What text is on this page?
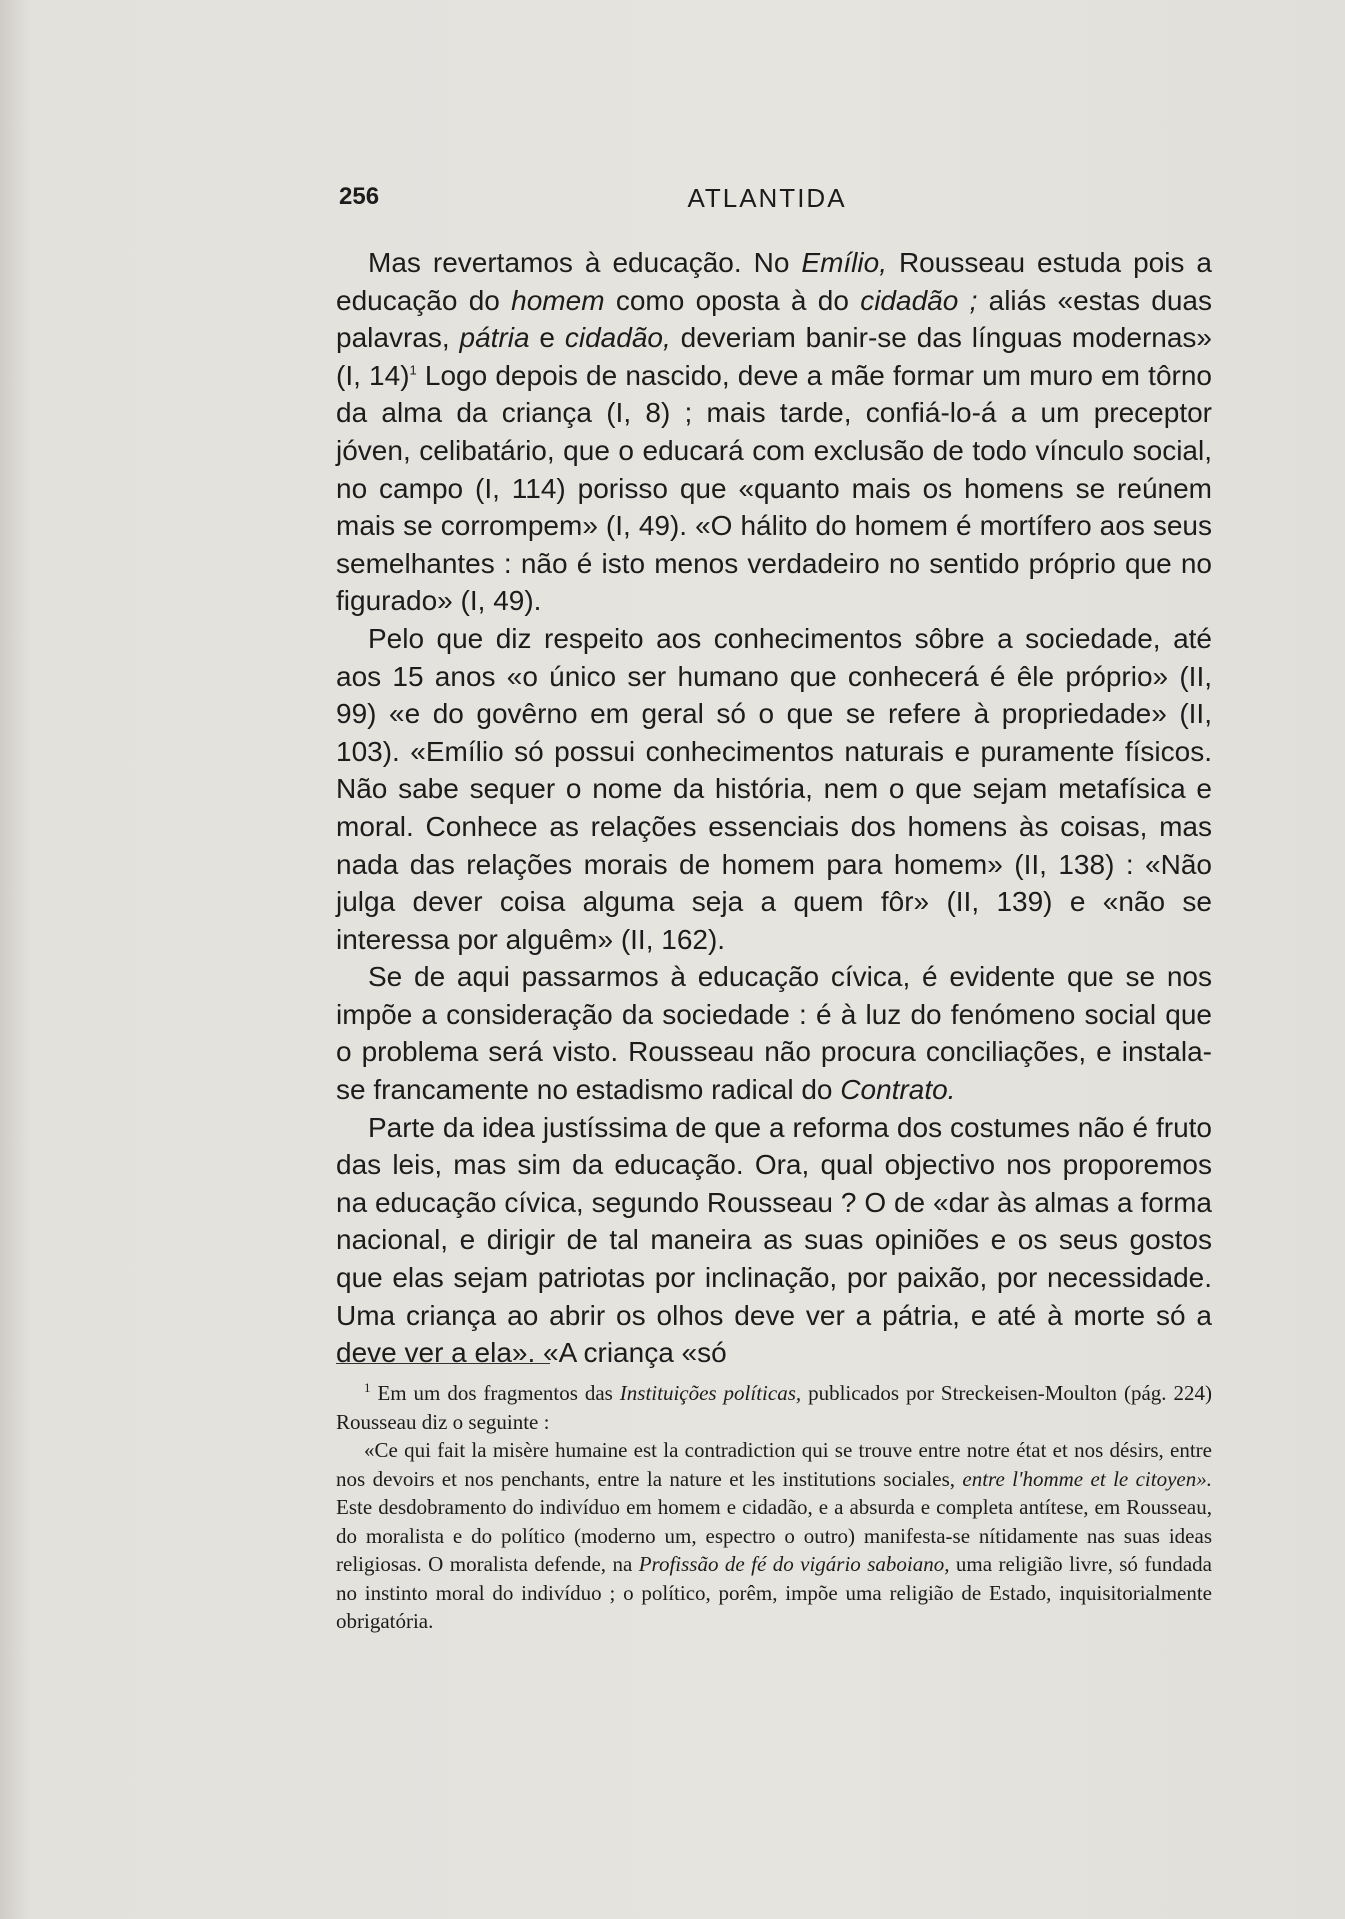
256	ATLANTIDA

Mas revertamos à educação. No Emílio, Rousseau estuda pois a educação do homem como oposta à do cidadão ; aliás «estas duas palavras, pátria e cidadão, deveriam banir-se das línguas modernas» (I, 14)$^1$ Logo depois de nascido, deve a mãe formar um muro em tôrno da alma da criança (I, 8) ; mais tarde, confiá-lo-á a um preceptor jóven, celibatário, que o educará com exclusão de todo vínculo social, no campo (I, 114) porisso que «quanto mais os homens se reúnem mais se corrompem» (I, 49). «O hálito do homem é mortífero aos seus semelhantes : não é isto menos verdadeiro no sentido próprio que no figurado» (I, 49).

Pelo que diz respeito aos conhecimentos sôbre a sociedade, até aos 15 anos «o único ser humano que conhecerá é êle próprio» (II, 99) «e do govêrno em geral só o que se refere à propriedade» (II, 103). «Emílio só possui conhecimentos naturais e puramente físicos. Não sabe sequer o nome da história, nem o que sejam metafísica e moral. Conhece as relações essenciais dos homens às coisas, mas nada das relações morais de homem para homem» (II, 138) : «Não julga dever coisa alguma seja a quem fôr» (II, 139) e «não se interessa por alguêm» (II, 162).

Se de aqui passarmos à educação cívica, é evidente que se nos impõe a consideração da sociedade : é à luz do fenómeno social que o problema será visto. Rousseau não procura conciliações, e instala-se francamente no estadismo radical do Contrato.

Parte da idea justíssima de que a reforma dos costumes não é fruto das leis, mas sim da educação. Ora, qual objectivo nos proporemos na educação cívica, segundo Rousseau ? O de «dar às almas a forma nacional, e dirigir de tal maneira as suas opiniões e os seus gostos que elas sejam patriotas por inclinação, por paixão, por necessidade. Uma criança ao abrir os olhos deve ver a pátria, e até à morte só a deve ver a ela». «A criança «só

$^1$ Em um dos fragmentos das Instituições políticas, publicados por Streckeisen-Moulton (pág. 224) Rousseau diz o seguinte :

«Ce qui fait la misère humaine est la contradiction qui se trouve entre notre état et nos désirs, entre nos devoirs et nos penchants, entre la nature et les institutions sociales, entre l'homme et le citoyen». Este desdobramento do indivíduo em homem e cidadão, e a absurda e completa antítese, em Rousseau, do moralista e do político (moderno um, espectro o outro) manifesta-se nítidamente nas suas ideas religiosas. O moralista defende, na Profissão de fé do vigário saboiano, uma religião livre, só fundada no instinto moral do indivíduo ; o político, porêm, impõe uma religião de Estado, inquisitorialmente obrigatória.
